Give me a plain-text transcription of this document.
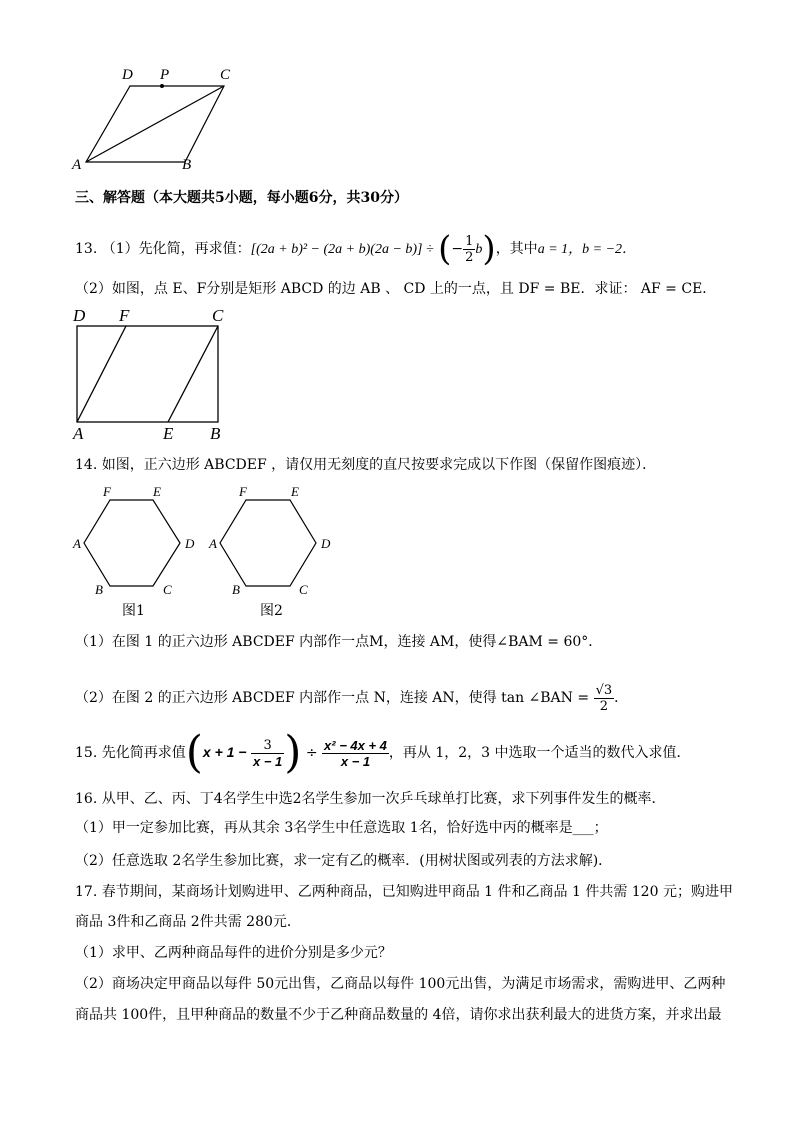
D P	C
A	B
三、解答题（本大题共5小题，每小题6分，共30分）
13. （1）先化简，再求值：[(2a + b)² − (2a + b)(2a − b)] ÷ (− $\frac{1}{2} b$)，其中a = 1，b = −2．
（2）如图，点 E、F分别是矩形 ABCD 的边 AB 、 CD 上的一点，且 DF = BE．求证： AF = CE．
D F	C
A	E B
14. 如图，正六边形 ABCDEF ，请仅用无刻度的直尺按要求完成以下作图（保留作图痕迹）．
F	E
A	D
B	C
F	E
A	D
B	C
图1	图2
（1）在图 1 的正六边形 ABCDEF 内部作一点M，连接 AM，使得∠BAM = 60°．
（2）在图 2 的正六边形 ABCDEF 内部作一点 N，连接 AN，使得 tan ∠BAN = $\frac{√3}{2}$ ．
15. 先化简再求值($x + 1 - \frac{3}{x - 1}$ ) ÷ $\frac{\text{x² − 4x + 4}}{x - 1}$ ，再从 1，2，3 中选取一个适当的数代入求值．
16. 从甲、乙、丙、丁4名学生中选2名学生参加一次乒乓球单打比赛，求下列事件发生的概率．
（1）甲一定参加比赛，再从其余 3名学生中任意选取 1名，恰好选中丙的概率是___；
（2）任意选取 2名学生参加比赛，求一定有乙的概率．(用树状图或列表的方法求解)．
17. 春节期间，某商场计划购进甲、乙两种商品，已知购进甲商品 1 件和乙商品 1 件共需 120 元；购进甲
商品 3件和乙商品 2件共需 280元．
（1）求甲、乙两种商品每件的进价分别是多少元？
（2）商场决定甲商品以每件 50元出售，乙商品以每件 100元出售，为满足市场需求，需购进甲、乙两种
商品共 100件，且甲种商品的数量不少于乙种商品数量的 4倍，请你求出获利最大的进货方案，并求出最
